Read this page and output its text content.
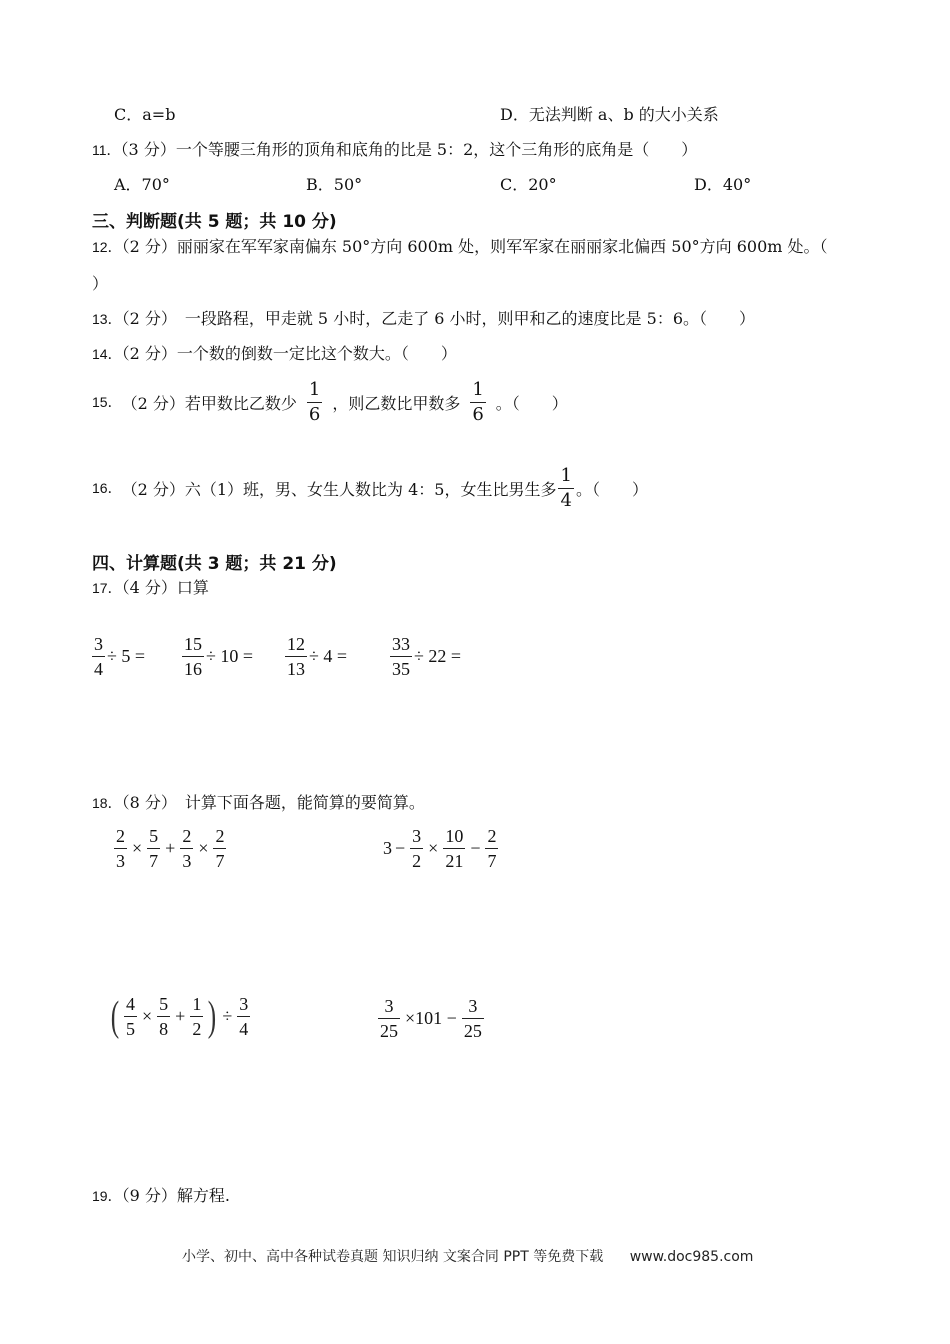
C．a=b	D．无法判断 a、b 的大小关系
11．（3 分）一个等腰三角形的顶角和底角的比是 5：2，这个三角形的底角是（　　）
A．70°	B．50°	C．20°	D．40°
三、判断题(共 5 题；共 10 分)
12．（2 分）丽丽家在军军家南偏东 50°方向 600m 处，则军军家在丽丽家北偏西 50°方向 600m 处。（
）
13．（2 分）　一段路程，甲走就 5 小时，乙走了 6 小时，则甲和乙的速度比是 5：6。（　　）
14．（2 分）一个数的倒数一定比这个数大。（　　）
15． （2 分）若甲数比乙数少 $\frac{1}{6}$ ，则乙数比甲数多 $\frac{1}{6}$ 。（　　）
16． （2 分）六（1）班，男、女生人数比为 4：5，女生比男生多 $\frac{1}{4}$ 。（　　）
四、计算题(共 3 题；共 21 分)
17．（4 分）口算
$\frac{3}{4} \div 5 = \frac{15}{16} \div 10 = \frac{12}{13} \div 4 = \frac{33}{35} \div 22$ =
18．（8 分）　计算下面各题，能简算的要简算。
$\frac{2}{3} \times \frac{5}{7} + \frac{2}{3} \times \frac{2}{7}$	$3 - \frac{3}{2} \times \frac{10}{21} - \frac{2}{7}$
( $\frac{4}{5} \times \frac{5}{8} + \frac{1}{2}$ ) ÷ $\frac{3}{4}$	$\frac{3}{25} \times 101 - \frac{3}{25}$
19．（9 分）解方程.
小学、初中、高中各种试卷真题 知识归纳 文案合同 PPT 等免费下载 www.doc985.com
